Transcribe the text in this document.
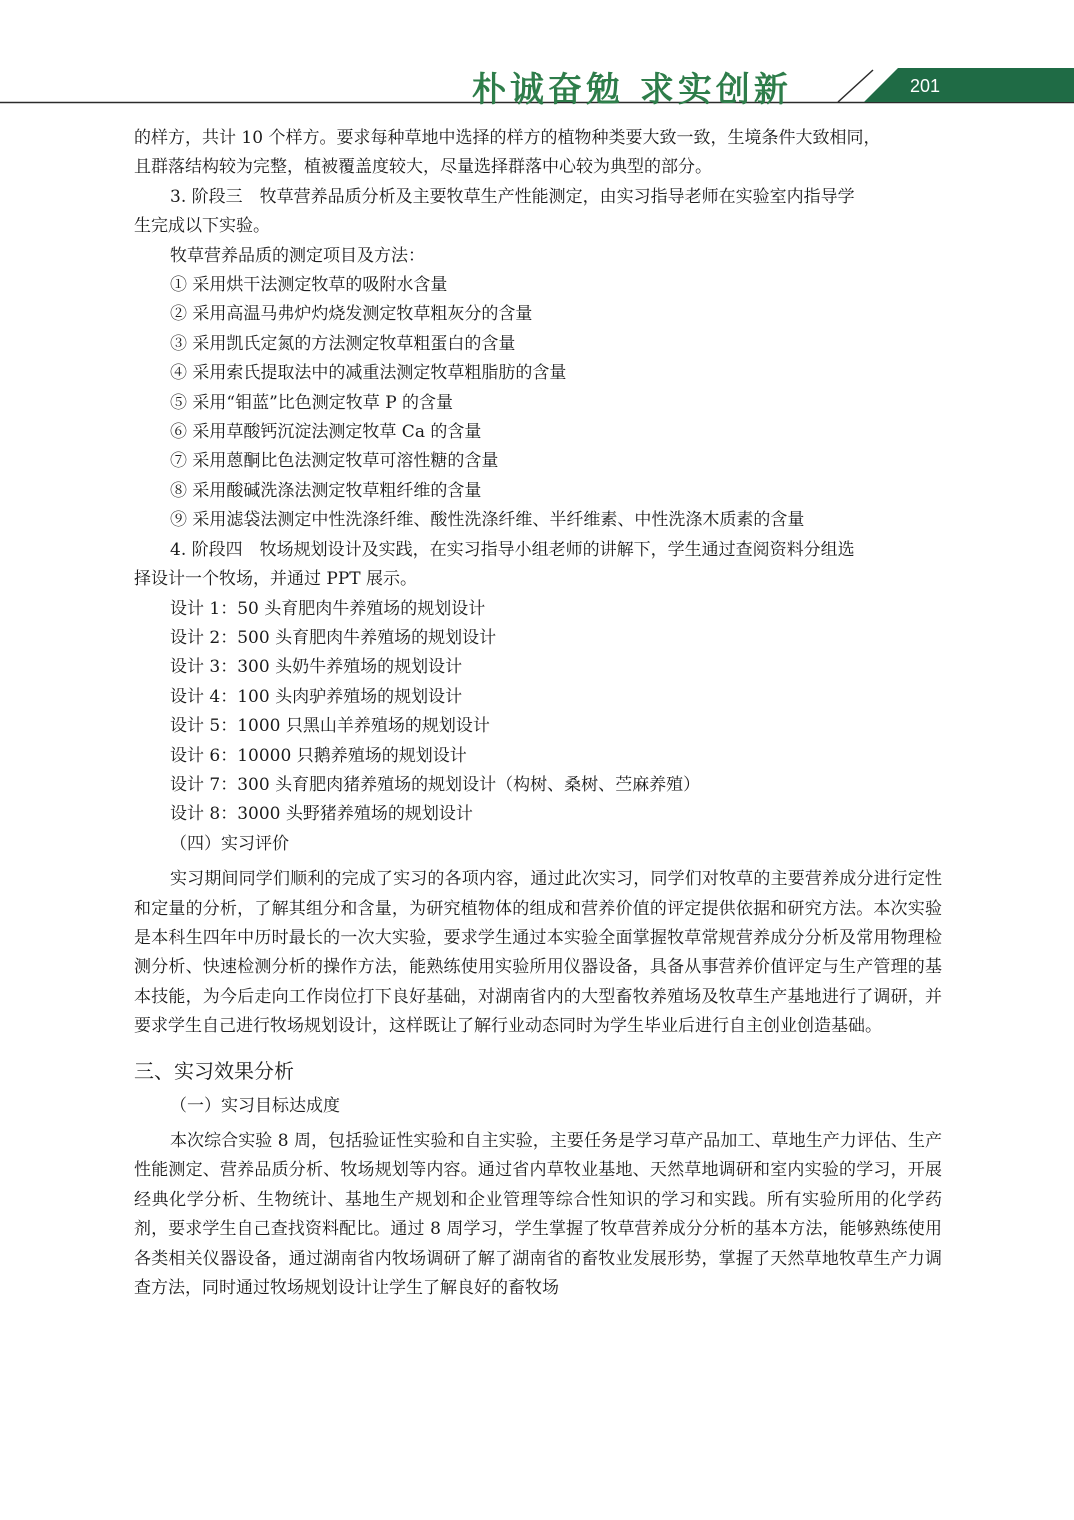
朴诚奋勉 求实创新	201
的样方，共计 10 个样方。要求每种草地中选择的样方的植物种类要大致一致，生境条件大致相同，
且群落结构较为完整，植被覆盖度较大，尽量选择群落中心较为典型的部分。
3. 阶段三　牧草营养品质分析及主要牧草生产性能测定，由实习指导老师在实验室内指导学
生完成以下实验。
牧草营养品质的测定项目及方法：
① 采用烘干法测定牧草的吸附水含量
② 采用高温马弗炉灼烧发测定牧草粗灰分的含量
③ 采用凯氏定氮的方法测定牧草粗蛋白的含量
④ 采用索氏提取法中的减重法测定牧草粗脂肪的含量
⑤ 采用“钼蓝”比色测定牧草 P 的含量
⑥ 采用草酸钙沉淀法测定牧草 Ca 的含量
⑦ 采用蒽酮比色法测定牧草可溶性糖的含量
⑧ 采用酸碱洗涤法测定牧草粗纤维的含量
⑨ 采用滤袋法测定中性洗涤纤维、酸性洗涤纤维、半纤维素、中性洗涤木质素的含量
4. 阶段四　牧场规划设计及实践，在实习指导小组老师的讲解下，学生通过查阅资料分组选
择设计一个牧场，并通过 PPT 展示。
设计 1：50 头育肥肉牛养殖场的规划设计
设计 2：500 头育肥肉牛养殖场的规划设计
设计 3：300 头奶牛养殖场的规划设计
设计 4：100 头肉驴养殖场的规划设计
设计 5：1000 只黑山羊养殖场的规划设计
设计 6：10000 只鹅养殖场的规划设计
设计 7：300 头育肥肉猪养殖场的规划设计（构树、桑树、苎麻养殖）
设计 8：3000 头野猪养殖场的规划设计
（四）实习评价
实习期间同学们顺利的完成了实习的各项内容，通过此次实习，同学们对牧草的主要营养成分进行定性和定量的分析，了解其组分和含量，为研究植物体的组成和营养价值的评定提供依据和研究方法。本次实验是本科生四年中历时最长的一次大实验，要求学生通过本实验全面掌握牧草常规营养成分分析及常用物理检测分析、快速检测分析的操作方法，能熟练使用实验所用仪器设备，具备从事营养价值评定与生产管理的基本技能，为今后走向工作岗位打下良好基础，对湖南省内的大型畜牧养殖场及牧草生产基地进行了调研，并要求学生自己进行牧场规划设计，这样既让了解行业动态同时为学生毕业后进行自主创业创造基础。
三、实习效果分析
（一）实习目标达成度
本次综合实验 8 周，包括验证性实验和自主实验，主要任务是学习草产品加工、草地生产力评估、生产性能测定、营养品质分析、牧场规划等内容。通过省内草牧业基地、天然草地调研和室内实验的学习，开展经典化学分析、生物统计、基地生产规划和企业管理等综合性知识的学习和实践。所有实验所用的化学药剂，要求学生自己查找资料配比。通过 8 周学习，学生掌握了牧草营养成分分析的基本方法，能够熟练使用各类相关仪器设备，通过湖南省内牧场调研了解了湖南省的畜牧业发展形势，掌握了天然草地牧草生产力调查方法，同时通过牧场规划设计让学生了解良好的畜牧场
